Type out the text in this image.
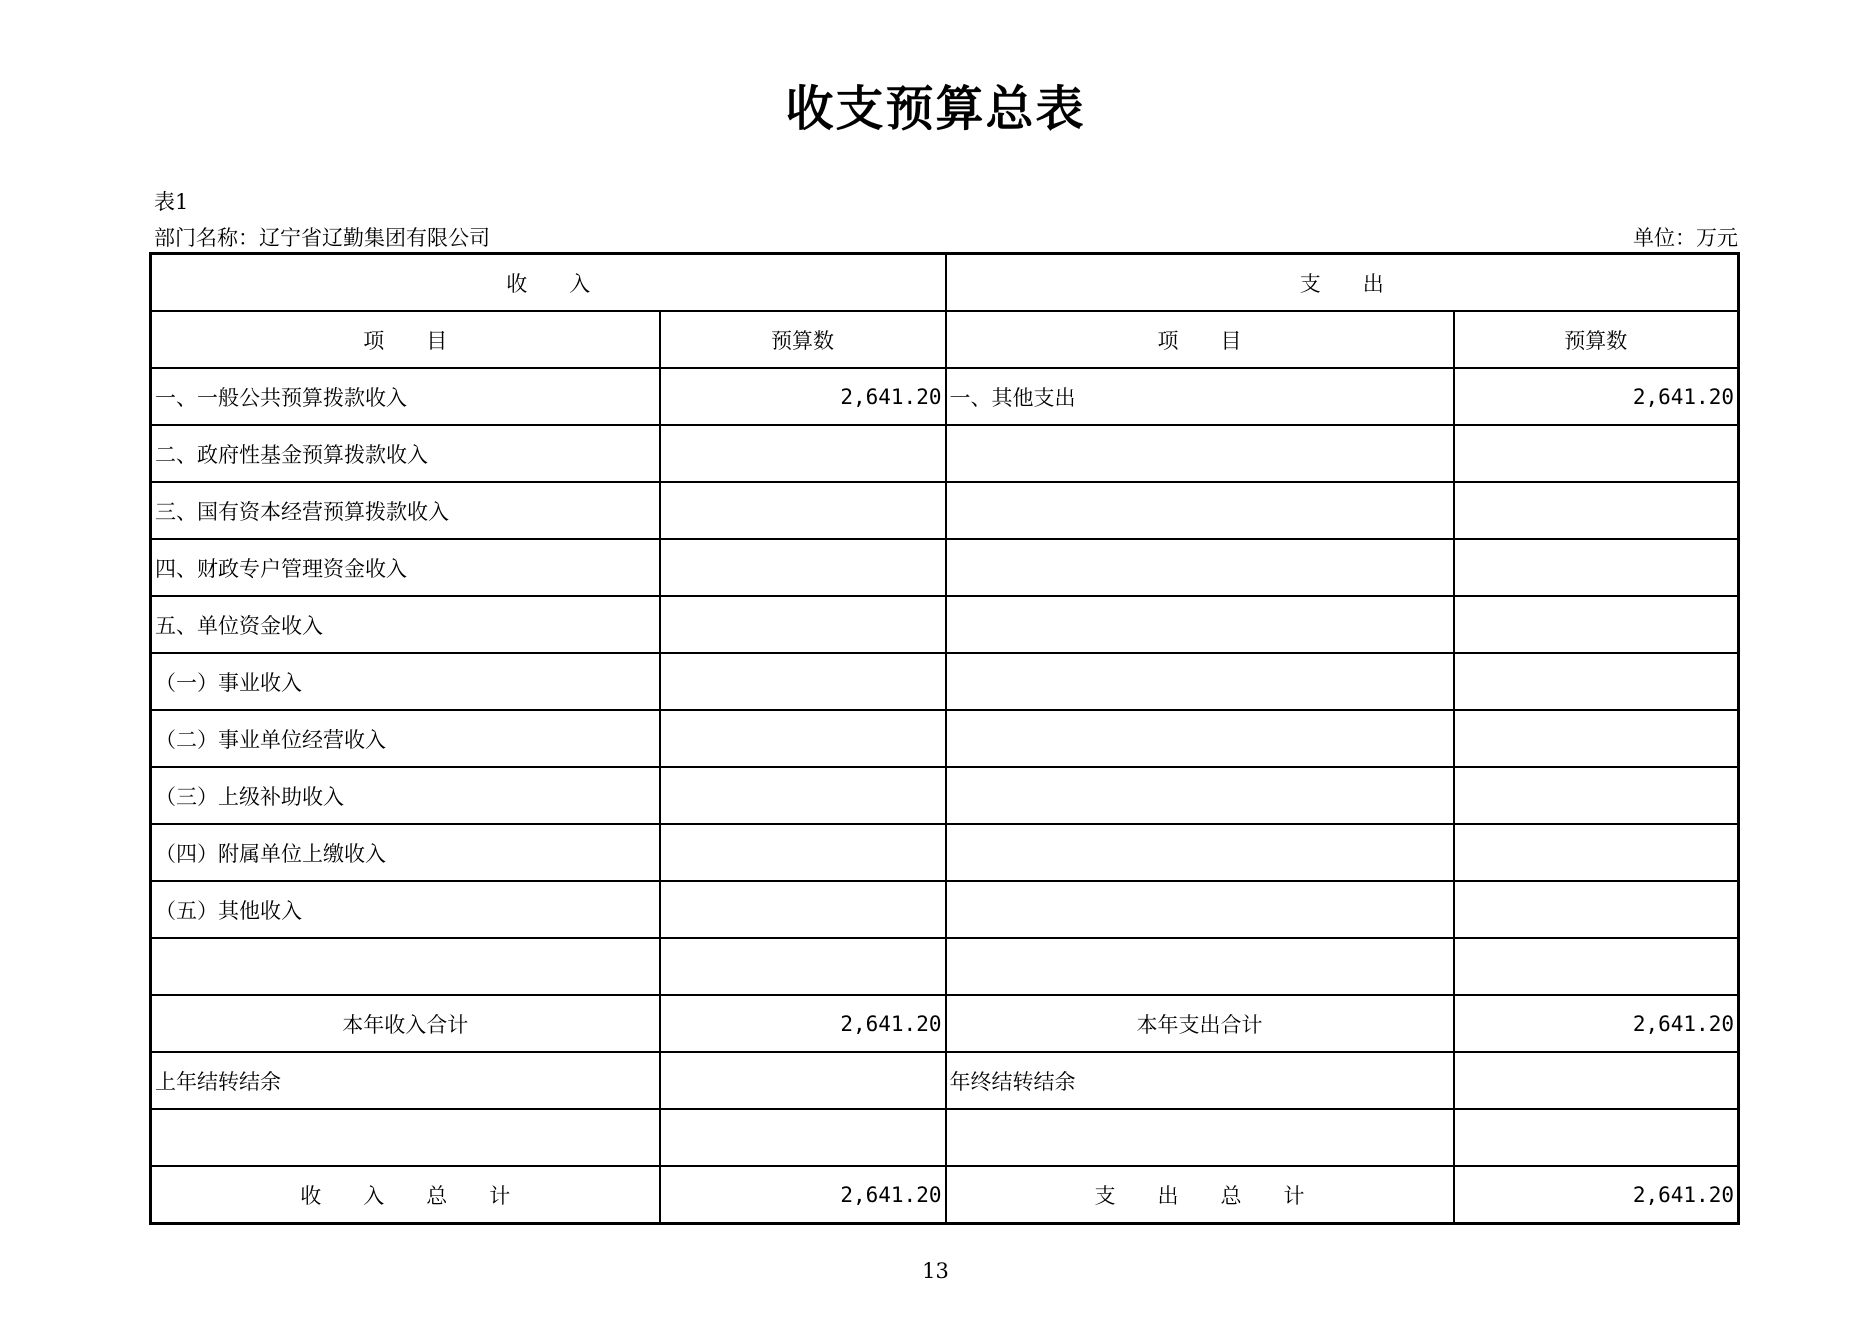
收支预算总表
表1
部门名称：辽宁省辽勤集团有限公司	单位：万元
收　　入		支　　出	
项　　目	预算数	项　　目	预算数
一、一般公共预算拨款收入	2,641.20	一、其他支出	2,641.20
二、政府性基金预算拨款收入			
三、国有资本经营预算拨款收入			
四、财政专户管理资金收入			
五、单位资金收入			
（一）事业收入			
（二）事业单位经营收入			
（三）上级补助收入			
（四）附属单位上缴收入			
（五）其他收入			

本年收入合计	2,641.20	本年支出合计	2,641.20
上年结转结余		年终结转结余	

收　　入　　总　　计	2,641.20	支　　出　　总　　计	2,641.20
13
